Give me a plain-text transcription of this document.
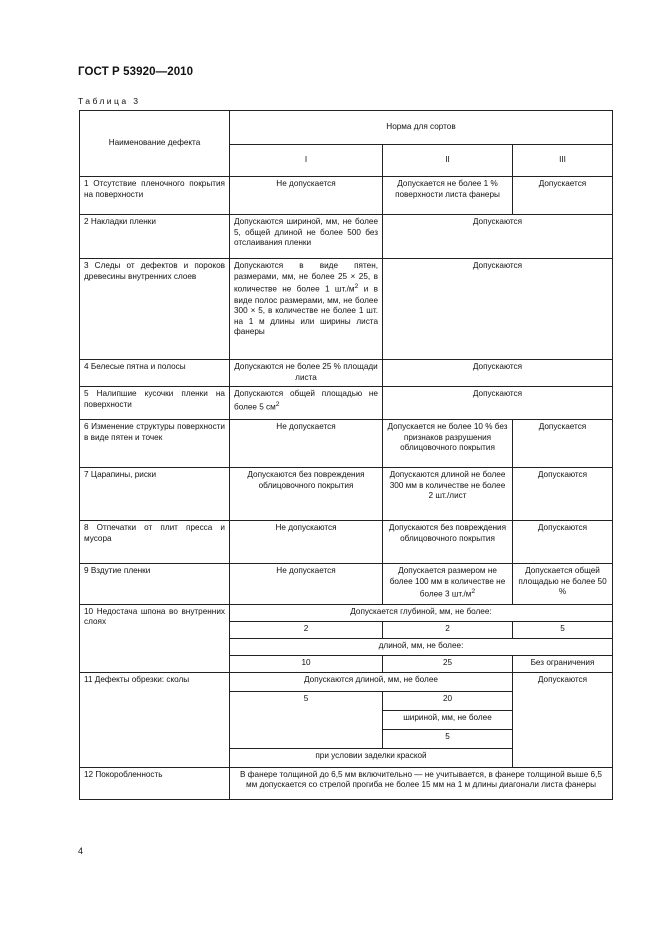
ГОСТ Р 53920—2010
Таблица 3
Наименование дефекта	Норма для сортов		
	I	II	III
1 Отсутствие пленочного покрытия на поверхности	Не допускается	Допускается не более 1 % поверхности листа фанеры	Допускается
2 Накладки пленки	Допускаются шириной, мм, не более 5, общей длиной не более 500 без отслаивания пленки	Допускаются	
3 Следы от дефектов и пороков древесины внутренних слоев	Допускаются в виде пятен, размерами, мм, не более 25 × 25, в количестве не более 1 $шт./м^2$ и в виде полос размерами, мм, не более 300 × 5, в количестве не более 1 шт. на 1 м длины или ширины листа фанеры	Допускаются	
4 Белесые пятна и полосы	Допускаются не более 25 % площади листа	Допускаются	
5 Налипшие кусочки пленки на поверхности	Допускаются общей площадью не более 5 $см^2$	Допускаются	
6 Изменение структуры поверхности в виде пятен и точек	Не допускается	Допускается не более 10 % без признаков разрушения облицовочного покрытия	Допускается
7 Царапины, риски	Допускаются без повреждения облицовочного покрытия	Допускаются длиной не более 300 мм в количестве не более 2 шт./лист	Допускаются
8 Отпечатки от плит пресса и мусора	Не допускаются	Допускаются без повреждения облицовочного покрытия	Допускаются
9 Вздутие пленки	Не допускается	Допускается размером не более 100 мм в количестве не более 3 $шт./м^2$	Допускается общей площадью не более 50 %
10 Недостача шпона во внутренних слоях	Допускается глубиной, мм, не более:		
	2	2	5
	длиной, мм, не более:		
	10	25	Без ограничения
11 Дефекты обрезки: сколы	Допускаются длиной, мм, не более		Допускаются
	5	20	
		шириной, мм, не более	
		5	
	при условии заделки краской		
12 Покоробленность	В фанере толщиной до 6,5 мм включительно — не учитывается, в фанере толщиной выше 6,5 мм допускается со стрелой прогиба не более 15 мм на 1 м длины диагонали листа фанеры		
4
